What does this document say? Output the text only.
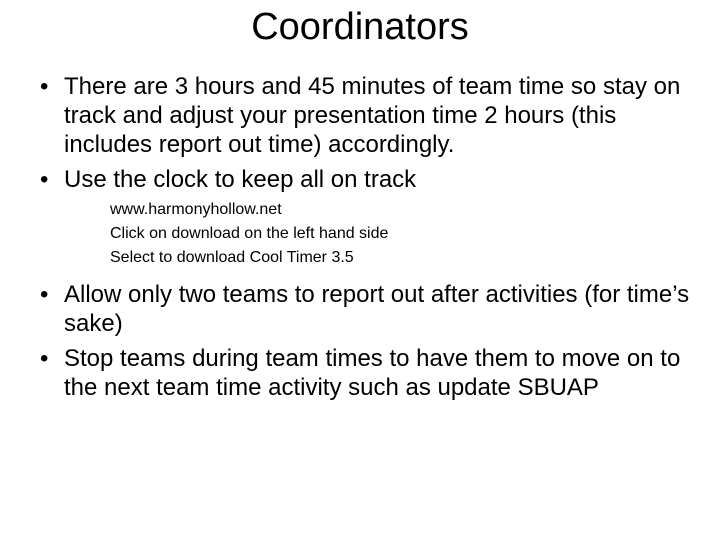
Coordinators
• There are 3 hours and 45 minutes of team time so stay on track and adjust your presentation time 2 hours (this includes report out time) accordingly.
• Use the clock to keep all on track
www.harmonyhollow.net
Click on download on the left hand side
Select to download Cool Timer 3.5
• Allow only two teams to report out after activities (for time’s sake)
• Stop teams during team times to have them to move on to the next team time activity such as update SBUAP
